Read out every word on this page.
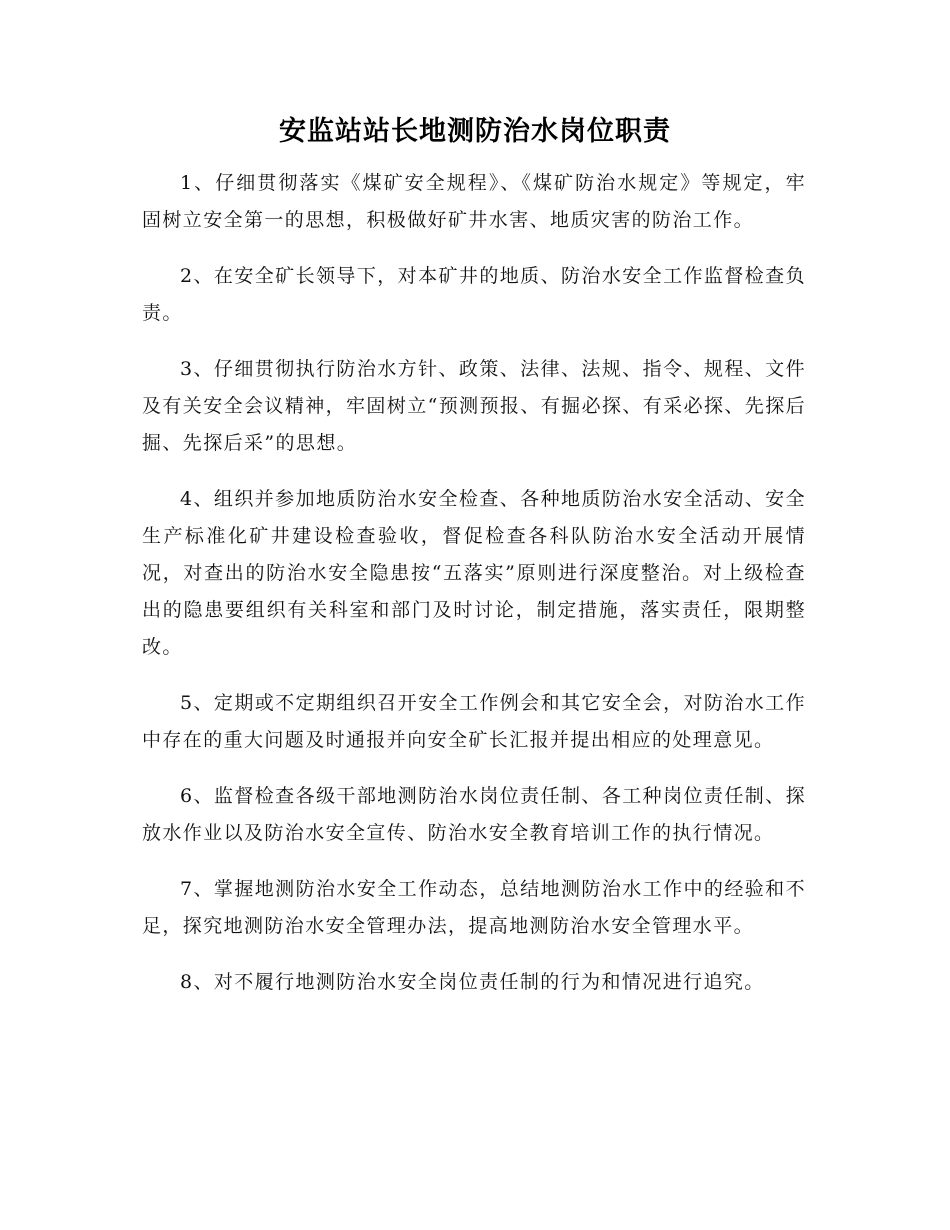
安监站站长地测防治水岗位职责

1、仔细贯彻落实《煤矿安全规程》、《煤矿防治水规定》等规定，牢固树立安全第一的思想，积极做好矿井水害、地质灾害的防治工作。

2、在安全矿长领导下，对本矿井的地质、防治水安全工作监督检查负责。

3、仔细贯彻执行防治水方针、政策、法律、法规、指令、规程、文件及有关安全会议精神，牢固树立“预测预报、有掘必探、有采必探、先探后掘、先探后采”的思想。

4、组织并参加地质防治水安全检查、各种地质防治水安全活动、安全生产标准化矿井建设检查验收，督促检查各科队防治水安全活动开展情况，对查出的防治水安全隐患按“五落实”原则进行深度整治。对上级检查出的隐患要组织有关科室和部门及时讨论，制定措施，落实责任，限期整改。

5、定期或不定期组织召开安全工作例会和其它安全会，对防治水工作中存在的重大问题及时通报并向安全矿长汇报并提出相应的处理意见。

6、监督检查各级干部地测防治水岗位责任制、各工种岗位责任制、探放水作业以及防治水安全宣传、防治水安全教育培训工作的执行情况。

7、掌握地测防治水安全工作动态，总结地测防治水工作中的经验和不足，探究地测防治水安全管理办法，提高地测防治水安全管理水平。

8、对不履行地测防治水安全岗位责任制的行为和情况进行追究。
